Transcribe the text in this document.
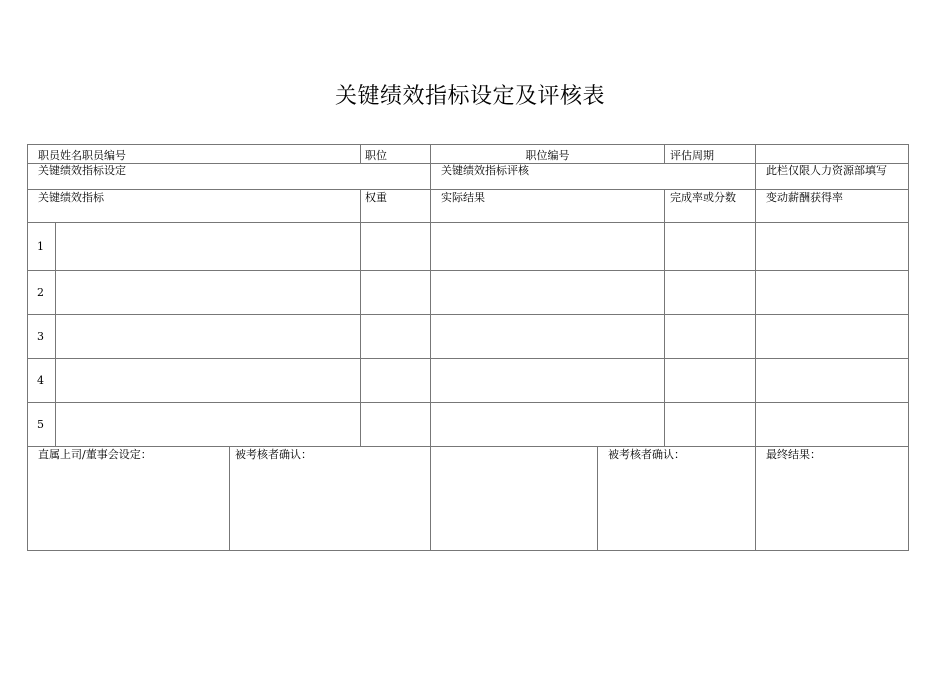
关键绩效指标设定及评核表
职员姓名职员编号	职位	职位编号	评估周期
关键绩效指标设定	关键绩效指标评核	此栏仅限人力资源部填写
关键绩效指标	权重	实际结果	完成率或分数	变动薪酬获得率
1
2
3
4
5
直属上司/董事会设定：	被考核者确认：	被考核者确认：	最终结果：
